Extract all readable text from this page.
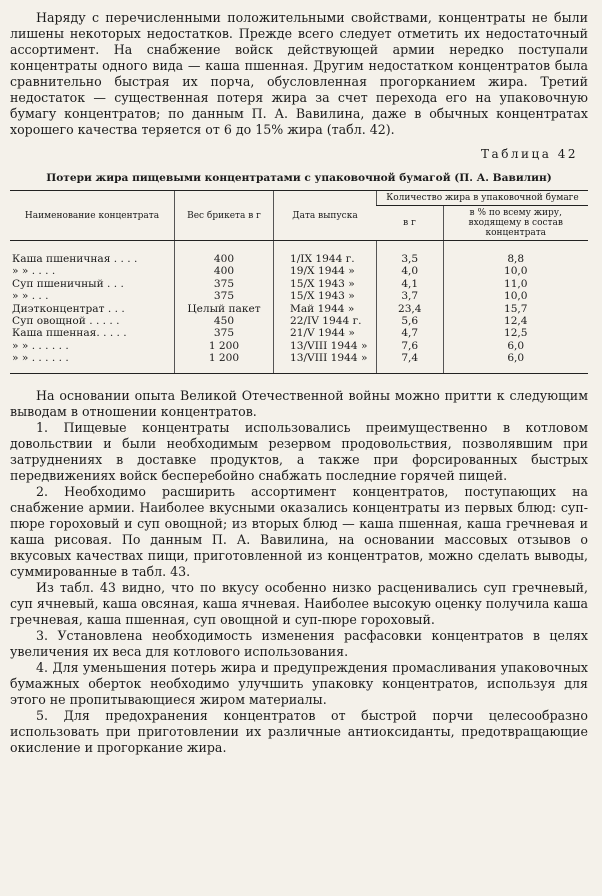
Наряду с перечисленными положительными свойствами, концентраты не были лишены некоторых недостатков. Прежде всего следует отметить их недостаточный ассортимент. На снабжение войск действующей армии нередко поступали концентраты одного вида — каша пшенная. Другим недостатком концентратов была сравнительно быстрая их порча, обусловленная прогорканием жира. Третий недостаток — существенная потеря жира за счет перехода его на упаковочную бумагу концентратов; по данным П. А. Вавилина, даже в обычных концентратах хорошего качества теряется от 6 до 15% жира (табл. 42).

Таблица 42
Потери жира пищевыми концентратами с упаковочной бумагой (П. А. Вавилин)
Наименование концентрата	Вес брикета в г	Дата выпуска	Количество жира в упаковочной бумаге	
			в г	в % по всему жиру, входящему в состав концентрата
Каша пшеничная . . . .	400	1/IX 1944 г.	3,5	8,8
» » . . . .	400	19/X 1944 »	4,0	10,0
Суп пшеничный . . .	375	15/X 1943 »	4,1	11,0
» » . . .	375	15/X 1943 »	3,7	10,0
Диэтконцентрат . . .	Целый пакет	Май 1944 »	23,4	15,7
Суп овощной . . . . .	450	22/IV 1944 г.	5,6	12,4
Каша пшенная. . . . .	375	21/V 1944 »	4,7	12,5
» » . . . . . .	1 200	13/VIII 1944 »	7,6	6,0
» » . . . . . .	1 200	13/VIII 1944 »	7,4	6,0

На основании опыта Великой Отечественной войны можно притти к следующим выводам в отношении концентратов.

1. Пищевые концентраты использовались преимущественно в котловом довольствии и были необходимым резервом продовольствия, позволявшим при затруднениях в доставке продуктов, а также при форсированных быстрых передвижениях войск бесперебойно снабжать последние горячей пищей.

2. Необходимо расширить ассортимент концентратов, поступающих на снабжение армии. Наиболее вкусными оказались концентраты из первых блюд: суп-пюре гороховый и суп овощной; из вторых блюд — каша пшенная, каша гречневая и каша рисовая. По данным П. А. Вавилина, на основании массовых отзывов о вкусовых качествах пищи, приготовленной из концентратов, можно сделать выводы, суммированные в табл. 43.

Из табл. 43 видно, что по вкусу особенно низко расценивались суп гречневый, суп ячневый, каша овсяная, каша ячневая. Наиболее высокую оценку получила каша гречневая, каша пшенная, суп овощной и суп-пюре гороховый.

3. Установлена необходимость изменения расфасовки концентратов в целях увеличения их веса для котлового использования.

4. Для уменьшения потерь жира и предупреждения промасливания упаковочных бумажных оберток необходимо улучшить упаковку концентратов, используя для этого не пропитывающиеся жиром материалы.

5. Для предохранения концентратов от быстрой порчи целесообразно использовать при приготовлении их различные антиоксиданты, предотвращающие окисление и прогоркание жира.
